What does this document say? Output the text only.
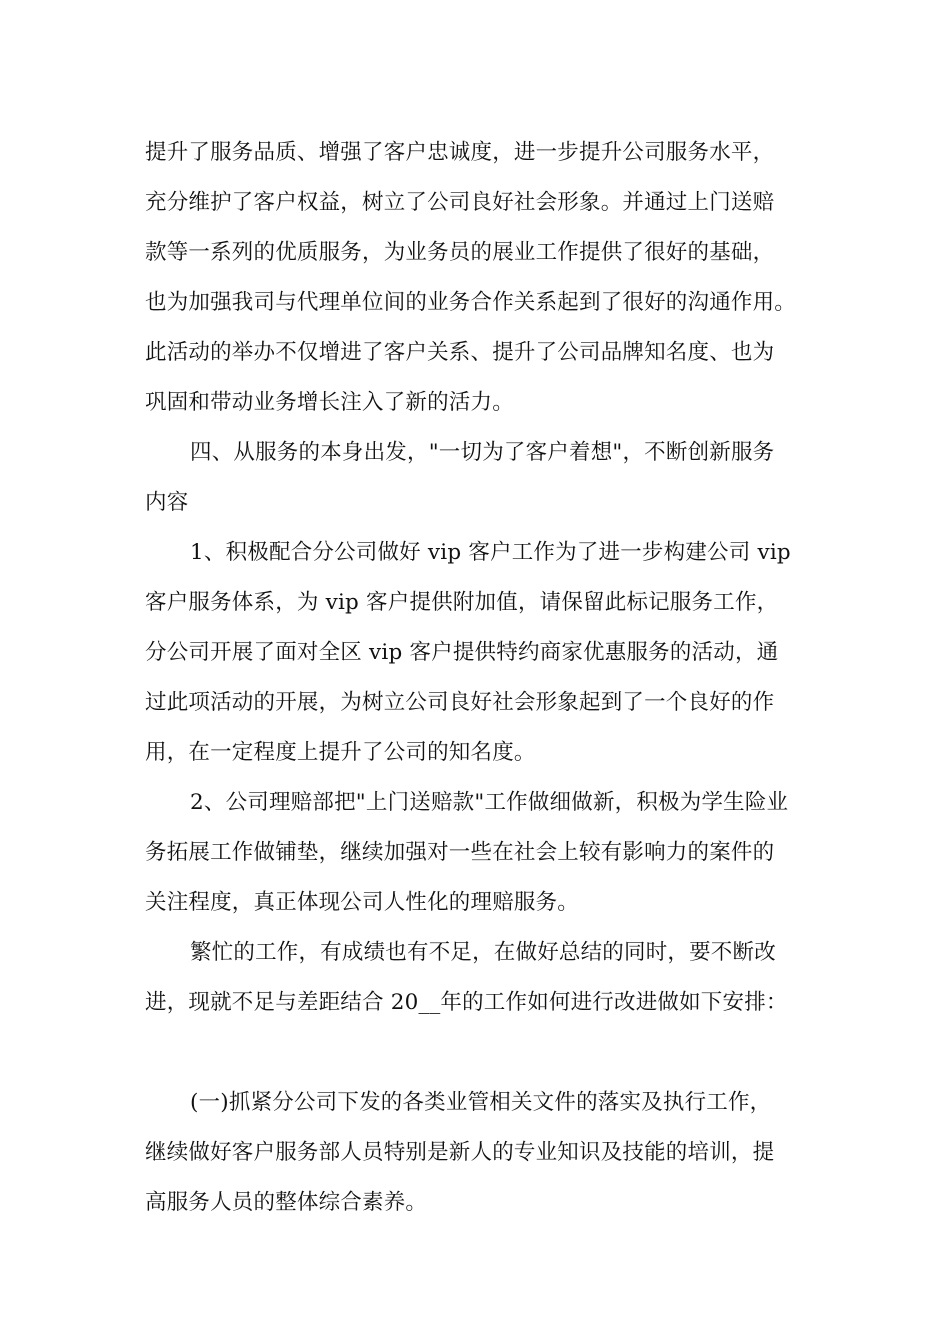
提升了服务品质、增强了客户忠诚度，进一步提升公司服务水平，
充分维护了客户权益，树立了公司良好社会形象。并通过上门送赔
款等一系列的优质服务，为业务员的展业工作提供了很好的基础，
也为加强我司与代理单位间的业务合作关系起到了很好的沟通作用。
此活动的举办不仅增进了客户关系、提升了公司品牌知名度、也为
巩固和带动业务增长注入了新的活力。
四、从服务的本身出发，"一切为了客户着想"，不断创新服务
内容
1、积极配合分公司做好 vip 客户工作为了进一步构建公司 vip
客户服务体系，为 vip 客户提供附加值，请保留此标记服务工作，
分公司开展了面对全区 vip 客户提供特约商家优惠服务的活动，通
过此项活动的开展，为树立公司良好社会形象起到了一个良好的作
用，在一定程度上提升了公司的知名度。
2、公司理赔部把"上门送赔款"工作做细做新，积极为学生险业
务拓展工作做铺垫，继续加强对一些在社会上较有影响力的案件的
关注程度，真正体现公司人性化的理赔服务。
繁忙的工作，有成绩也有不足，在做好总结的同时，要不断改
进，现就不足与差距结合 20__年的工作如何进行改进做如下安排：
(一)抓紧分公司下发的各类业管相关文件的落实及执行工作，
继续做好客户服务部人员特别是新人的专业知识及技能的培训，提
高服务人员的整体综合素养。
